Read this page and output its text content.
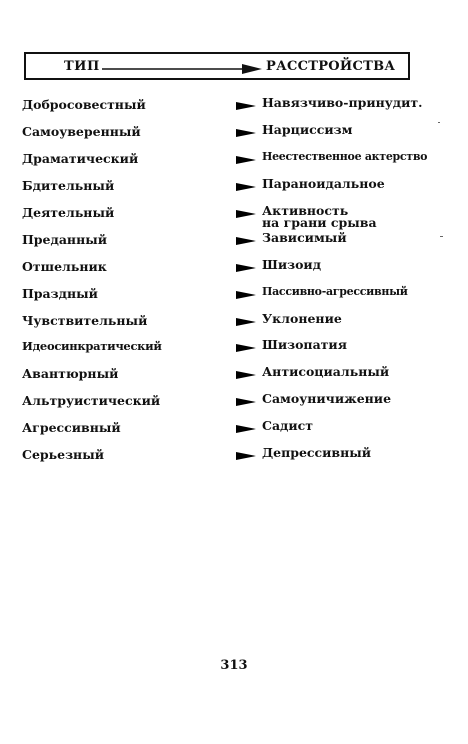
ТИП	РАССТРОЙСТВА
Добросовестный	Навязчиво-принудит.
Самоуверенный	Нарциссизм
Драматический	Неестественное актерство
Бдительный	Параноидальное
Деятельный	Активность на грани срыва
Преданный	Зависимый
Отшельник	Шизоид
Праздный	Пассивно-агрессивный
Чувствительный	Уклонение
Идеосинкратический	Шизопатия
Авантюрный	Антисоциальный
Альтруистический	Самоуничижение
Агрессивный	Садист
Серьезный	Депрессивный
313
